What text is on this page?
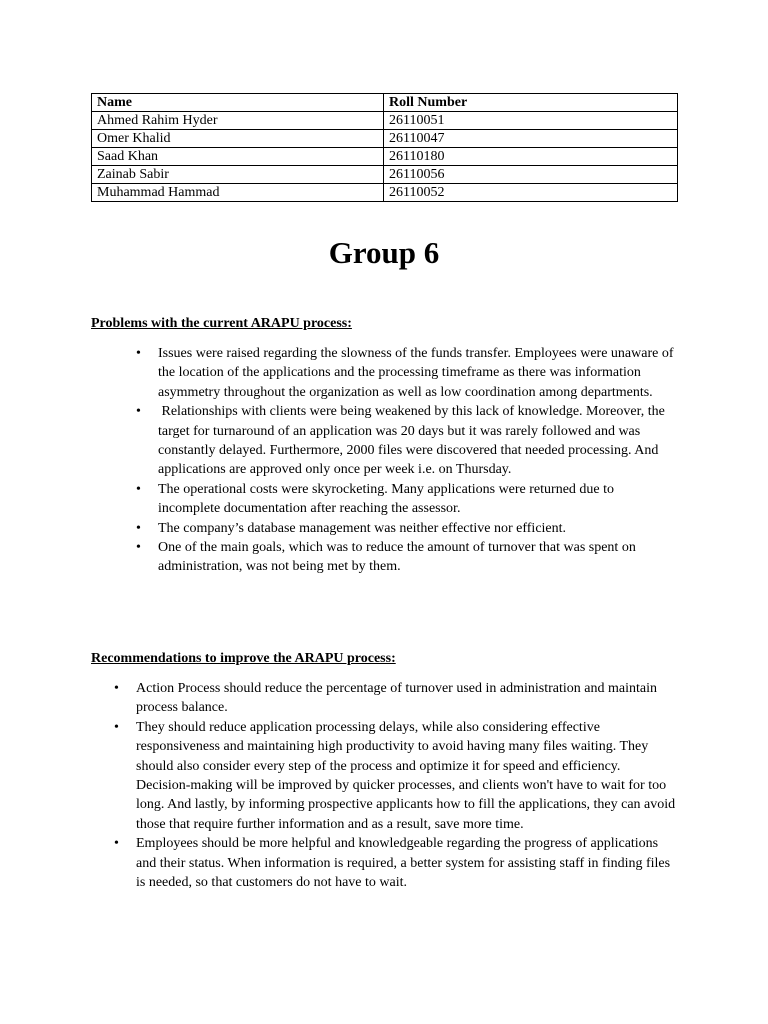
Name	Roll Number
Ahmed Rahim Hyder	26110051
Omer Khalid	26110047
Saad Khan	26110180
Zainab Sabir	26110056
Muhammad Hammad	26110052
Group 6

Problems with the current ARAPU process:

• Issues were raised regarding the slowness of the funds transfer. Employees were unaware of the location of the applications and the processing timeframe as there was information asymmetry throughout the organization as well as low coordination among departments.
• Relationships with clients were being weakened by this lack of knowledge. Moreover, the target for turnaround of an application was 20 days but it was rarely followed and was constantly delayed. Furthermore, 2000 files were discovered that needed processing. And applications are approved only once per week i.e. on Thursday.
• The operational costs were skyrocketing. Many applications were returned due to incomplete documentation after reaching the assessor.
• The company’s database management was neither effective nor efficient.
• One of the main goals, which was to reduce the amount of turnover that was spent on administration, was not being met by them.

Recommendations to improve the ARAPU process:

• Action Process should reduce the percentage of turnover used in administration and maintain process balance.
• They should reduce application processing delays, while also considering effective responsiveness and maintaining high productivity to avoid having many files waiting. They should also consider every step of the process and optimize it for speed and efficiency. Decision-making will be improved by quicker processes, and clients won't have to wait for too long. And lastly, by informing prospective applicants how to fill the applications, they can avoid those that require further information and as a result, save more time.
• Employees should be more helpful and knowledgeable regarding the progress of applications and their status. When information is required, a better system for assisting staff in finding files is needed, so that customers do not have to wait.
